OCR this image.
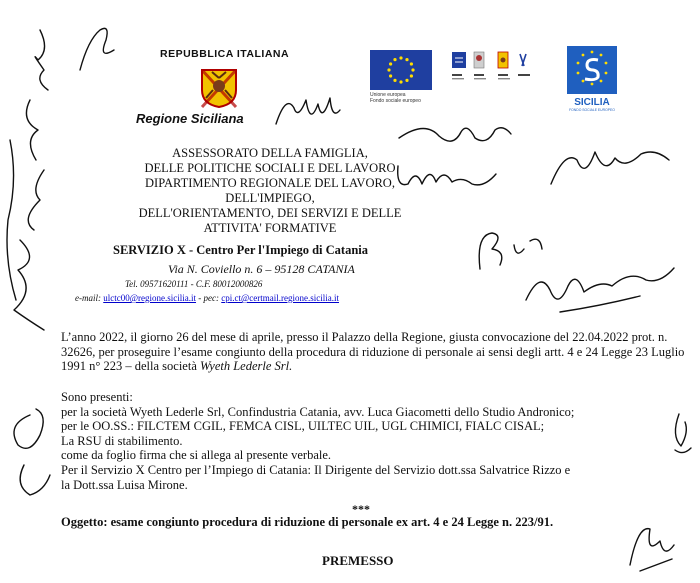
REPUBBLICA ITALIANA
Regione Siciliana
Unione europea
Fondo sociale europeo	SICILIA
FONDO SOCIALE EUROPEO
ASSESSORATO DELLA FAMIGLIA,
DELLE POLITICHE SOCIALI E DEL LAVORO
DIPARTIMENTO REGIONALE DEL LAVORO,
DELL'IMPIEGO,
DELL'ORIENTAMENTO, DEI SERVIZI E DELLE
ATTIVITA' FORMATIVE
SERVIZIO X - Centro Per l'Impiego di Catania
Via N. Coviello n. 6 – 95128 CATANIA
Tel. 09571620111 - C.F. 80012000826
e-mail: ulctc00@regione.sicilia.it - pec: cpi.ct@certmail.regione.sicilia.it
L’anno 2022, il giorno 26 del mese di aprile, presso il Palazzo della Regione, giusta convocazione del 22.04.2022 prot. n. 32626, per proseguire l’esame congiunto della procedura di riduzione di personale ai sensi degli artt. 4 e 24 Legge 23 Luglio 1991 n° 223 – della società Wyeth Lederle Srl.
Sono presenti:
per la società Wyeth Lederle Srl, Confindustria Catania, avv. Luca Giacometti dello Studio Andronico;
per le OO.SS.: FILCTEM CGIL, FEMCA CISL, UILTEC UIL, UGL CHIMICI, FIALC CISAL;
La RSU di stabilimento.
come da foglio firma che si allega al presente verbale.
Per il Servizio X Centro per l’Impiego di Catania: Il Dirigente del Servizio dott.ssa Salvatrice Rizzo e
la Dott.ssa Luisa Mirone.
***
Oggetto: esame congiunto procedura di riduzione di personale ex art. 4 e 24 Legge n. 223/91.
PREMESSO
